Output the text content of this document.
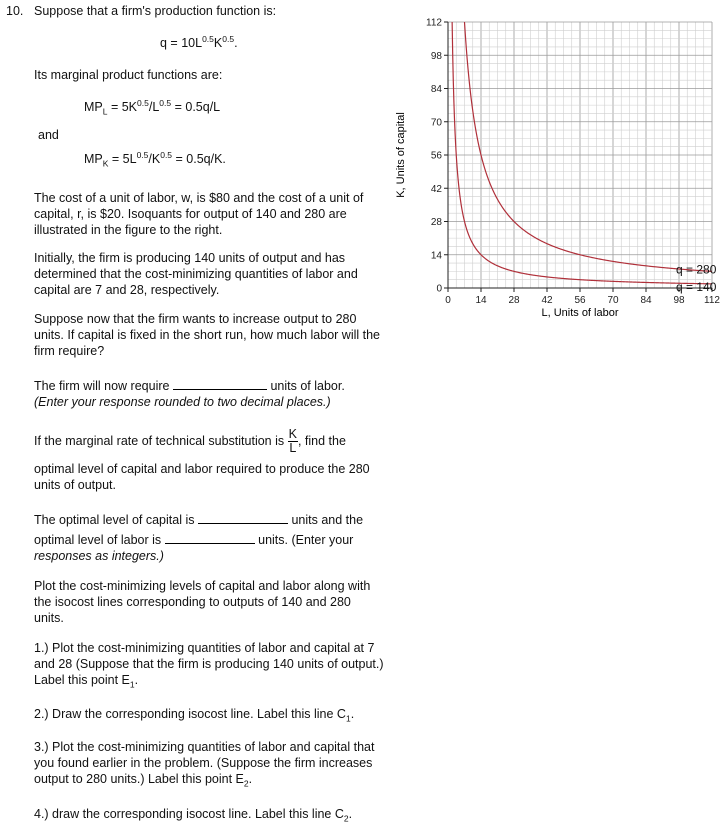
10. Suppose that a firm's production function is:
$q = 10L^{0.5}K^{0.5}$.
Its marginal product functions are:
$MP_L = 5K^{0.5}/L^{0.5} = 0.5q/L$
and
$MP_K = 5L^{0.5}/K^{0.5} = 0.5q/K$.
The cost of a unit of labor, w, is $80 and the cost of a unit of capital, r, is $20. Isoquants for output of 140 and 280 are illustrated in the figure to the right.
Initially, the firm is producing 140 units of output and has determined that the cost-minimizing quantities of labor and capital are 7 and 28, respectively.
Suppose now that the firm wants to increase output to 280 units. If capital is fixed in the short run, how much labor will the firm require?
The firm will now require	units of labor.
(Enter your response rounded to two decimal places.)
If the marginal rate of technical substitution is $\frac{K}{L}$ , find the
optimal level of capital and labor required to produce the 280 units of output.
The optimal level of capital is	units and the
optimal level of labor is	units. (Enter your
responses as integers.)
Plot the cost-minimizing levels of capital and labor along with the isocost lines corresponding to outputs of 140 and 280 units.
1.) Plot the cost-minimizing quantities of labor and capital at 7 and 28 (Suppose that the firm is producing 140 units of output.) Label this point $E_1$.
2.) Draw the corresponding isocost line. Label this line $C_1$.
3.) Plot the cost-minimizing quantities of labor and capital that you found earlier in the problem. (Suppose the firm increases output to 280 units.) Label this point $E_2$.
4.) draw the corresponding isocost line. Label this line $C_2$.
0 14 28 42 56 70 84 98 112
0
14
28
42
56
70
84
98
112
q = 280
q = 140
L, Units of labor
K, Units of capital
